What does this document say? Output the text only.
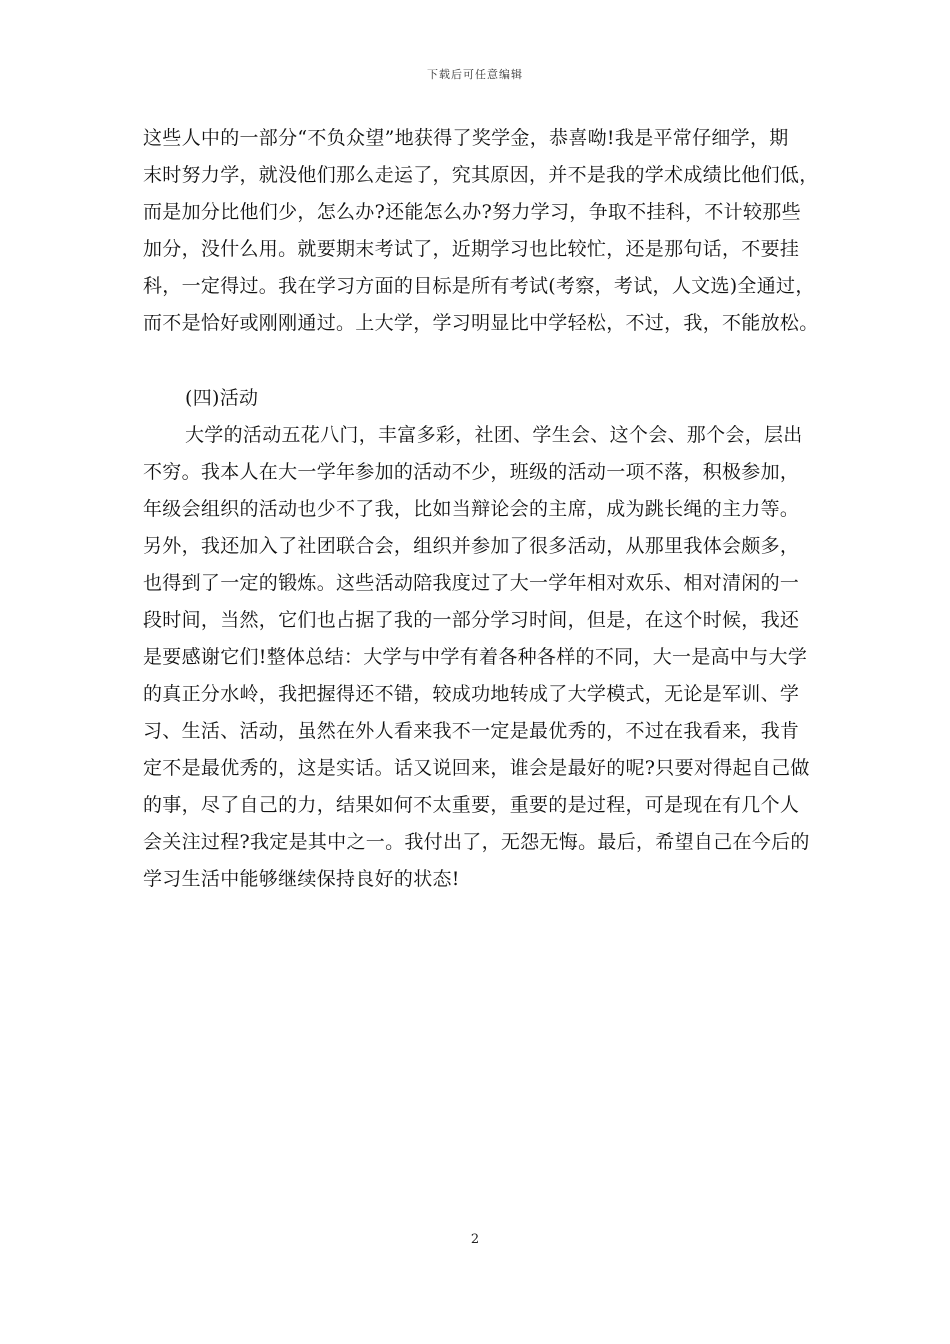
下载后可任意编辑
这些人中的一部分“不负众望”地获得了奖学金，恭喜呦!我是平常仔细学，期
末时努力学，就没他们那么走运了，究其原因，并不是我的学术成绩比他们低，
而是加分比他们少，怎么办?还能怎么办?努力学习，争取不挂科，不计较那些
加分，没什么用。就要期末考试了，近期学习也比较忙，还是那句话，不要挂
科，一定得过。我在学习方面的目标是所有考试(考察，考试，人文选)全通过，
而不是恰好或刚刚通过。上大学，学习明显比中学轻松，不过，我，不能放松。
(四)活动
大学的活动五花八门，丰富多彩，社团、学生会、这个会、那个会，层出
不穷。我本人在大一学年参加的活动不少，班级的活动一项不落，积极参加，
年级会组织的活动也少不了我，比如当辩论会的主席，成为跳长绳的主力等。
另外，我还加入了社团联合会，组织并参加了很多活动，从那里我体会颇多，
也得到了一定的锻炼。这些活动陪我度过了大一学年相对欢乐、相对清闲的一
段时间，当然，它们也占据了我的一部分学习时间，但是，在这个时候，我还
是要感谢它们!整体总结：大学与中学有着各种各样的不同，大一是高中与大学
的真正分水岭，我把握得还不错，较成功地转成了大学模式，无论是军训、学
习、生活、活动，虽然在外人看来我不一定是最优秀的，不过在我看来，我肯
定不是最优秀的，这是实话。话又说回来，谁会是最好的呢?只要对得起自己做
的事，尽了自己的力，结果如何不太重要，重要的是过程，可是现在有几个人
会关注过程?我定是其中之一。我付出了，无怨无悔。最后，希望自己在今后的
学习生活中能够继续保持良好的状态!
2
